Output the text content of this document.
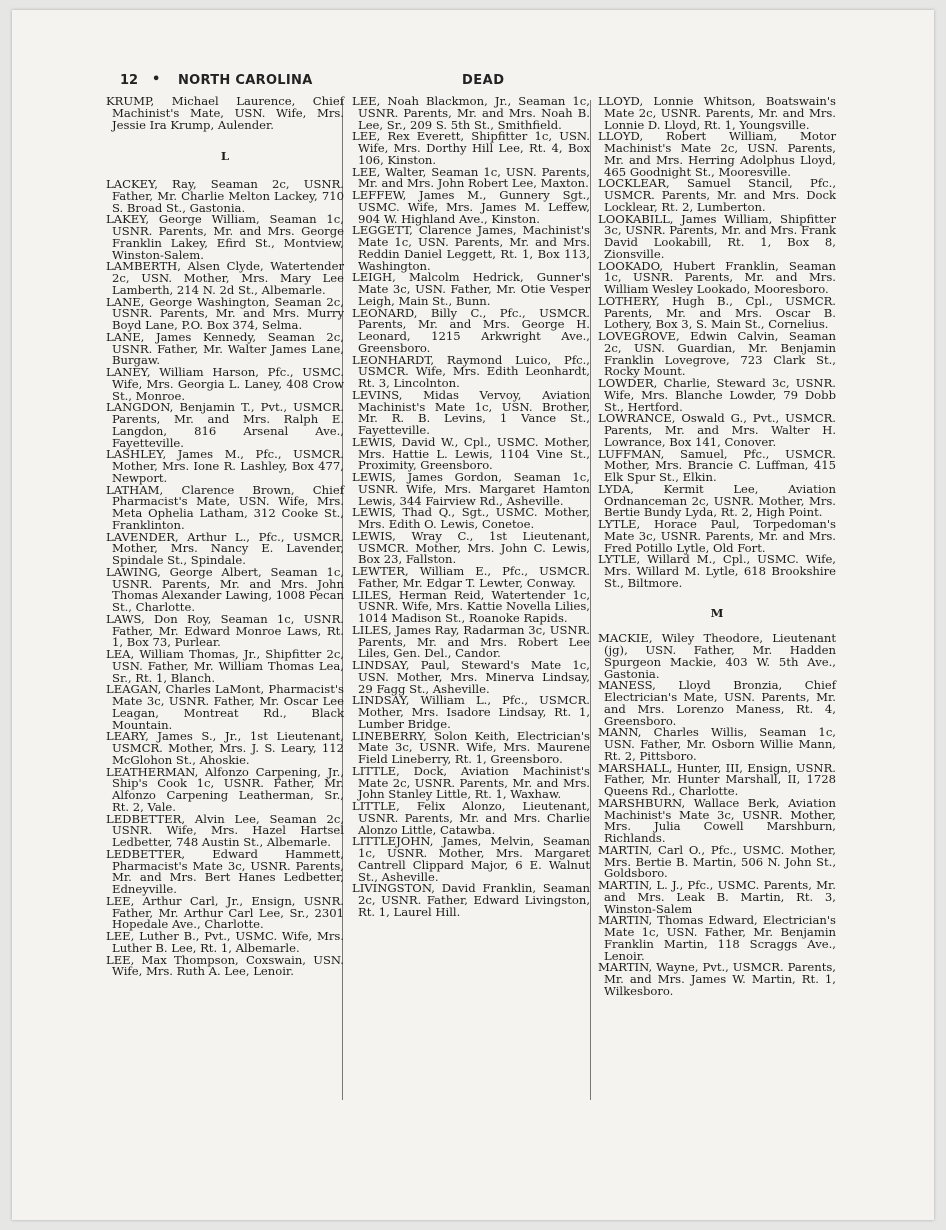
12 • NORTH CAROLINA	DEAD

KRUMP, Michael Laurence, Chief Machinist's Mate, USN. Wife, Mrs. Jessie Ira Krump, Aulender.

L

LACKEY, Ray, Seaman 2c, USNR. Father, Mr. Charlie Melton Lackey, 710 S. Broad St., Gastonia.

LAKEY, George William, Seaman 1c, USNR. Parents, Mr. and Mrs. George Franklin Lakey, Efird St., Montview, Winston-Salem.

LAMBERTH, Alsen Clyde, Watertender 2c, USN. Mother, Mrs. Mary Lee Lamberth, 214 N. 2d St., Albemarle.

LANE, George Washington, Seaman 2c, USNR. Parents, Mr. and Mrs. Murry Boyd Lane, P.O. Box 374, Selma.

LANE, James Kennedy, Seaman 2c, USNR. Father, Mr. Walter James Lane, Burgaw.

LANEY, William Harson, Pfc., USMC. Wife, Mrs. Georgia L. Laney, 408 Crow St., Monroe.

LANGDON, Benjamin T., Pvt., USMCR. Parents, Mr. and Mrs. Ralph E. Langdon, 816 Arsenal Ave., Fayetteville.

LASHLEY, James M., Pfc., USMCR. Mother, Mrs. Ione R. Lashley, Box 477, Newport.

LATHAM, Clarence Brown, Chief Pharmacist's Mate, USN. Wife, Mrs. Meta Ophelia Latham, 312 Cooke St., Franklinton.

LAVENDER, Arthur L., Pfc., USMCR. Mother, Mrs. Nancy E. Lavender, Spindale St., Spindale.

LAWING, George Albert, Seaman 1c, USNR. Parents, Mr. and Mrs. John Thomas Alexander Lawing, 1008 Pecan St., Charlotte.

LAWS, Don Roy, Seaman 1c, USNR. Father, Mr. Edward Monroe Laws, Rt. 1, Box 73, Purlear.

LEA, William Thomas, Jr., Shipfitter 2c, USN. Father, Mr. William Thomas Lea, Sr., Rt. 1, Blanch.

LEAGAN, Charles LaMont, Pharmacist's Mate 3c, USNR. Father, Mr. Oscar Lee Leagan, Montreat Rd., Black Mountain.

LEARY, James S., Jr., 1st Lieutenant, USMCR. Mother, Mrs. J. S. Leary, 112 McGlohon St., Ahoskie.

LEATHERMAN, Alfonzo Carpening, Jr., Ship's Cook 1c, USNR. Father, Mr. Alfonzo Carpening Leatherman, Sr., Rt. 2, Vale.

LEDBETTER, Alvin Lee, Seaman 2c, USNR. Wife, Mrs. Hazel Hartsel Ledbetter, 748 Austin St., Albemarle.

LEDBETTER, Edward Hammett, Pharmacist's Mate 3c, USNR. Parents, Mr. and Mrs. Bert Hanes Ledbetter, Edneyville.

LEE, Arthur Carl, Jr., Ensign, USNR. Father, Mr. Arthur Carl Lee, Sr., 2301 Hopedale Ave., Charlotte.

LEE, Luther B., Pvt., USMC. Wife, Mrs. Luther B. Lee, Rt. 1, Albemarle.

LEE, Max Thompson, Coxswain, USN. Wife, Mrs. Ruth A. Lee, Lenoir.

LEE, Noah Blackmon, Jr., Seaman 1c, USNR. Parents, Mr. and Mrs. Noah B. Lee, Sr., 209 S. 5th St., Smithfield.

LEE, Rex Everett, Shipfitter 1c, USN. Wife, Mrs. Dorthy Hill Lee, Rt. 4, Box 106, Kinston.

LEE, Walter, Seaman 1c, USN. Parents, Mr. and Mrs. John Robert Lee, Maxton.

LEFFEW, James M., Gunnery Sgt., USMC. Wife, Mrs. James M. Leffew, 904 W. Highland Ave., Kinston.

LEGGETT, Clarence James, Machinist's Mate 1c, USN. Parents, Mr. and Mrs. Reddin Daniel Leggett, Rt. 1, Box 113, Washington.

LEIGH, Malcolm Hedrick, Gunner's Mate 3c, USN. Father, Mr. Otie Vesper Leigh, Main St., Bunn.

LEONARD, Billy C., Pfc., USMCR. Parents, Mr. and Mrs. George H. Leonard, 1215 Arkwright Ave., Greensboro.

LEONHARDT, Raymond Luico, Pfc., USMCR. Wife, Mrs. Edith Leonhardt, Rt. 3, Lincolnton.

LEVINS, Midas Vervoy, Aviation Machinist's Mate 1c, USN. Brother, Mr. R. B. Levins, 1 Vance St., Fayetteville.

LEWIS, David W., Cpl., USMC. Mother, Mrs. Hattie L. Lewis, 1104 Vine St., Proximity, Greensboro.

LEWIS, James Gordon, Seaman 1c, USNR. Wife, Mrs. Margaret Hamton Lewis, 344 Fairview Rd., Asheville.

LEWIS, Thad Q., Sgt., USMC. Mother, Mrs. Edith O. Lewis, Conetoe.

LEWIS, Wray C., 1st Lieutenant, USMCR. Mother, Mrs. John C. Lewis, Box 23, Fallston.

LEWTER, William E., Pfc., USMCR. Father, Mr. Edgar T. Lewter, Conway.

LILES, Herman Reid, Watertender 1c, USNR. Wife, Mrs. Kattie Novella Lilies, 1014 Madison St., Roanoke Rapids.

LILES, James Ray, Radarman 3c, USNR. Parents, Mr. and Mrs. Robert Lee Liles, Gen. Del., Candor.

LINDSAY, Paul, Steward's Mate 1c, USN. Mother, Mrs. Minerva Lindsay, 29 Fagg St., Asheville.

LINDSAY, William L., Pfc., USMCR. Mother, Mrs. Isadore Lindsay, Rt. 1, Lumber Bridge.

LINEBERRY, Solon Keith, Electrician's Mate 3c, USNR. Wife, Mrs. Maurene Field Lineberry, Rt. 1, Greensboro.

LITTLE, Dock, Aviation Machinist's Mate 2c, USNR. Parents, Mr. and Mrs. John Stanley Little, Rt. 1, Waxhaw.

LITTLE, Felix Alonzo, Lieutenant, USNR. Parents, Mr. and Mrs. Charlie Alonzo Little, Catawba.

LITTLEJOHN, James, Melvin, Seaman 1c, USNR. Mother, Mrs. Margaret Cantrell Clippard Major, 6 E. Walnut St., Asheville.

LIVINGSTON, David Franklin, Seaman 2c, USNR. Father, Edward Livingston, Rt. 1, Laurel Hill.

LLOYD, Lonnie Whitson, Boatswain's Mate 2c, USNR. Parents, Mr. and Mrs. Lonnie D. Lloyd, Rt. 1, Youngsville.

LLOYD, Robert William, Motor Machinist's Mate 2c, USN. Parents, Mr. and Mrs. Herring Adolphus Lloyd, 465 Goodnight St., Mooresville.

LOCKLEAR, Samuel Stancil, Pfc., USMCR. Parents, Mr. and Mrs. Dock Locklear, Rt. 2, Lumberton.

LOOKABILL, James William, Shipfitter 3c, USNR. Parents, Mr. and Mrs. Frank David Lookabill, Rt. 1, Box 8, Zionsville.

LOOKADO, Hubert Franklin, Seaman 1c, USNR. Parents, Mr. and Mrs. William Wesley Lookado, Mooresboro.

LOTHERY, Hugh B., Cpl., USMCR. Parents, Mr. and Mrs. Oscar B. Lothery, Box 3, S. Main St., Cornelius.

LOVEGROVE, Edwin Calvin, Seaman 2c, USN. Guardian, Mr. Benjamin Franklin Lovegrove, 723 Clark St., Rocky Mount.

LOWDER, Charlie, Steward 3c, USNR. Wife, Mrs. Blanche Lowder, 79 Dobb St., Hertford.

LOWRANCE, Oswald G., Pvt., USMCR. Parents, Mr. and Mrs. Walter H. Lowrance, Box 141, Conover.

LUFFMAN, Samuel, Pfc., USMCR. Mother, Mrs. Brancie C. Luffman, 415 Elk Spur St., Elkin.

LYDA, Kermit Lee, Aviation Ordnanceman 2c, USNR. Mother, Mrs. Bertie Bundy Lyda, Rt. 2, High Point.

LYTLE, Horace Paul, Torpedoman's Mate 3c, USNR. Parents, Mr. and Mrs. Fred Potillo Lytle, Old Fort.

LYTLE, Willard M., Cpl., USMC. Wife, Mrs. Willard M. Lytle, 618 Brookshire St., Biltmore.

M

MACKIE, Wiley Theodore, Lieutenant (jg), USN. Father, Mr. Hadden Spurgeon Mackie, 403 W. 5th Ave., Gastonia.

MANESS, Lloyd Bronzia, Chief Electrician's Mate, USN. Parents, Mr. and Mrs. Lorenzo Maness, Rt. 4, Greensboro.

MANN, Charles Willis, Seaman 1c, USN. Father, Mr. Osborn Willie Mann, Rt. 2, Pittsboro.

MARSHALL, Hunter, III, Ensign, USNR. Father, Mr. Hunter Marshall, II, 1728 Queens Rd., Charlotte.

MARSHBURN, Wallace Berk, Aviation Machinist's Mate 3c, USNR. Mother, Mrs. Julia Cowell Marshburn, Richlands.

MARTIN, Carl O., Pfc., USMC. Mother, Mrs. Bertie B. Martin, 506 N. John St., Goldsboro.

MARTIN, L. J., Pfc., USMC. Parents, Mr. and Mrs. Leak B. Martin, Rt. 3, Winston-Salem

MARTIN, Thomas Edward, Electrician's Mate 1c, USN. Father, Mr. Benjamin Franklin Martin, 118 Scraggs Ave., Lenoir.

MARTIN, Wayne, Pvt., USMCR. Parents, Mr. and Mrs. James W. Martin, Rt. 1, Wilkesboro.
